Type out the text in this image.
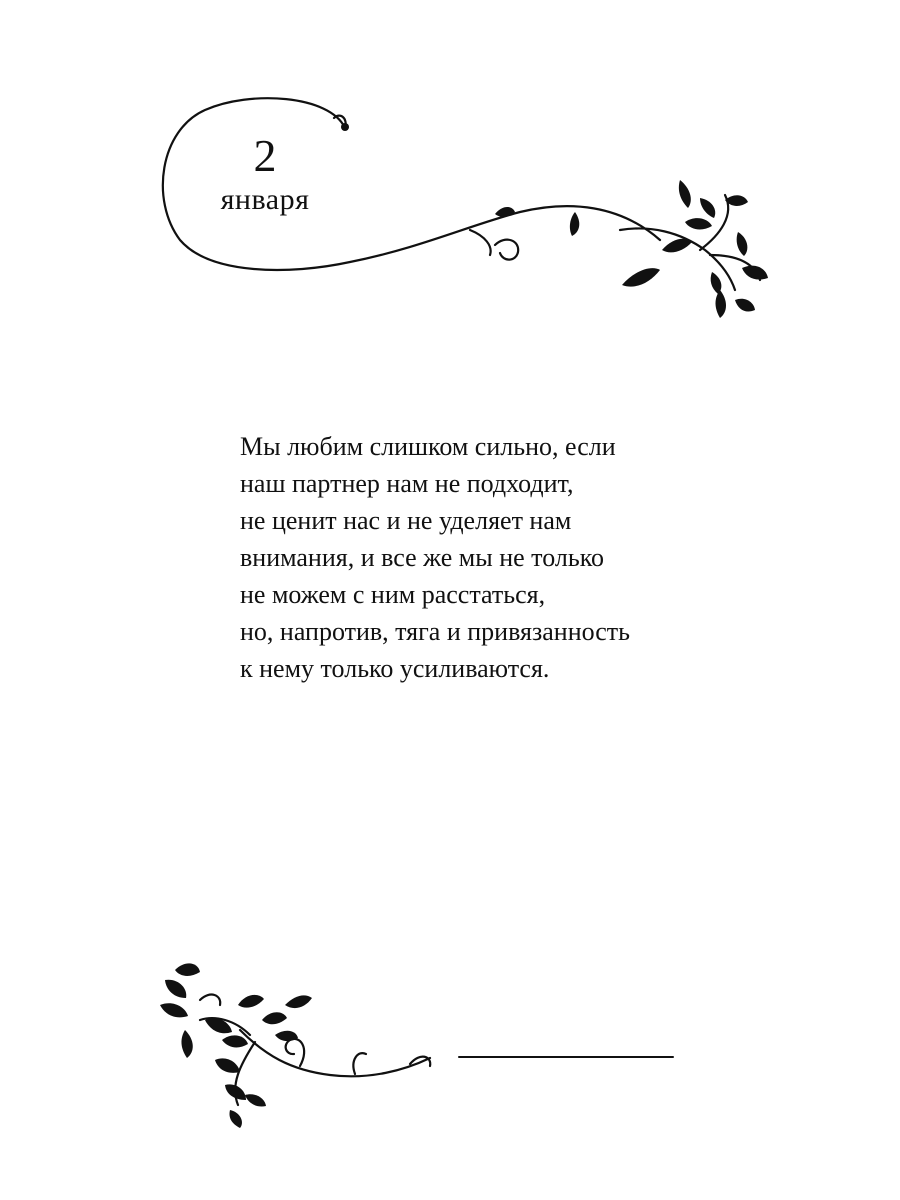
2
января

Мы любим слишком сильно, если
наш партнер нам не подходит,
не ценит нас и не уделяет нам
внимания, и все же мы не только
не можем с ним расстаться,
но, напротив, тяга и привязанность
к нему только усиливаются.
